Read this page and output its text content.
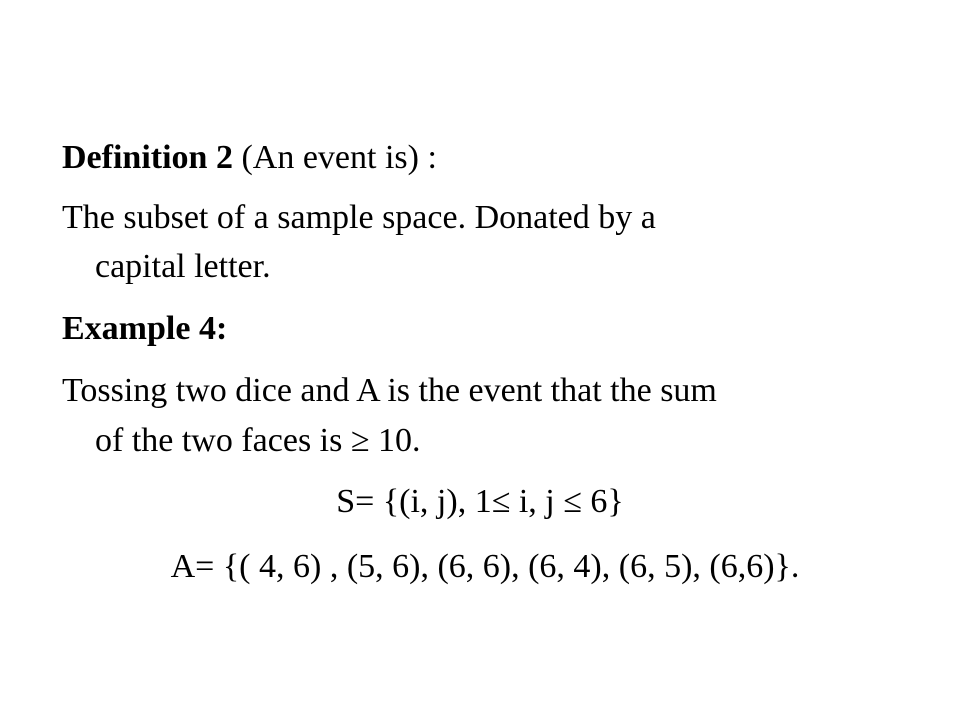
Definition 2 (An event is) :
The subset of a sample space. Donated by a
capital letter.
Example 4:
Tossing two dice and A is the event that the sum
of the two faces is ≥ 10.
S= {(i, j), 1≤ i, j ≤ 6}
A= {( 4, 6) , (5, 6), (6, 6), (6, 4), (6, 5), (6,6)}.
